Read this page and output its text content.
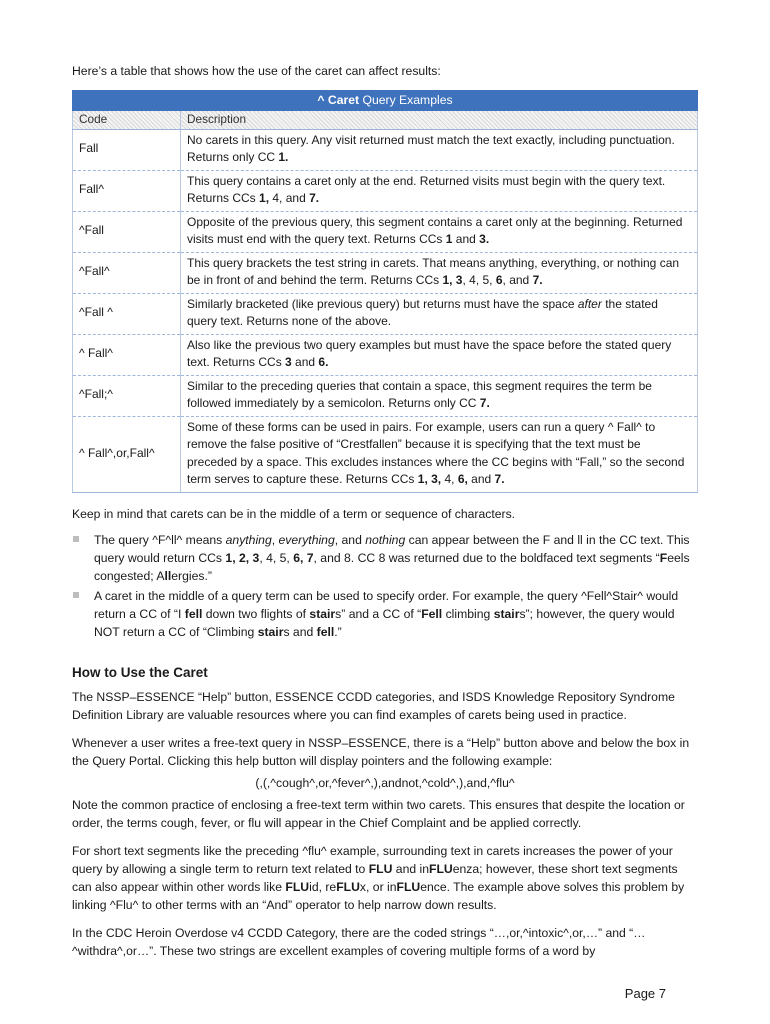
Here’s a table that shows how the use of the caret can affect results:

^ Caret Query Examples	
Code	Description
Fall	No carets in this query. Any visit returned must match the text exactly, including punctuation. Returns only CC 1.
Fall^	This query contains a caret only at the end. Returned visits must begin with the query text. Returns CCs 1, 4, and 7.
^Fall	Opposite of the previous query, this segment contains a caret only at the beginning. Returned visits must end with the query text. Returns CCs 1 and 3.
^Fall^	This query brackets the test string in carets. That means anything, everything, or nothing can be in front of and behind the term. Returns CCs 1, 3, 4, 5, 6, and 7.
^Fall ^	Similarly bracketed (like previous query) but returns must have the space after the stated query text. Returns none of the above.
^ Fall^	Also like the previous two query examples but must have the space before the stated query text. Returns CCs 3 and 6.
^Fall;^	Similar to the preceding queries that contain a space, this segment requires the term be followed immediately by a semicolon. Returns only CC 7.
^ Fall^,or,Fall^	Some of these forms can be used in pairs. For example, users can run a query ^ Fall^ to remove the false positive of “Crestfallen” because it is specifying that the text must be preceded by a space. This excludes instances where the CC begins with “Fall,” so the second term serves to capture these. Returns CCs 1, 3, 4, 6, and 7.

Keep in mind that carets can be in the middle of a term or sequence of characters.

The query ^F^ll^ means anything, everything, and nothing can appear between the F and ll in the CC text. This query would return CCs 1, 2, 3, 4, 5, 6, 7, and 8. CC 8 was returned due to the boldfaced text segments “Feels congested; Allergies.”
A caret in the middle of a query term can be used to specify order. For example, the query ^Fell^Stair^ would return a CC of “I fell down two flights of stairs” and a CC of “Fell climbing stairs”; however, the query would NOT return a CC of “Climbing stairs and fell.”
How to Use the Caret

The NSSP–ESSENCE “Help” button, ESSENCE CCDD categories, and ISDS Knowledge Repository Syndrome Definition Library are valuable resources where you can find examples of carets being used in practice.

Whenever a user writes a free-text query in NSSP–ESSENCE, there is a “Help” button above and below the box in the Query Portal. Clicking this help button will display pointers and the following example:

(,(,^cough^,or,^fever^,),andnot,^cold^,),and,^flu^

Note the common practice of enclosing a free-text term within two carets. This ensures that despite the location or order, the terms cough, fever, or flu will appear in the Chief Complaint and be applied correctly.

For short text segments like the preceding ^flu^ example, surrounding text in carets increases the power of your query by allowing a single term to return text related to FLU and inFLUenza; however, these short text segments can also appear within other words like FLUid, reFLUx, or inFLUence. The example above solves this problem by linking ^Flu^ to other terms with an “And” operator to help narrow down results.

In the CDC Heroin Overdose v4 CCDD Category, there are the coded strings “…,or,^intoxic^,or,…” and “…^withdra^,or…”. These two strings are excellent examples of covering multiple forms of a word by

Page 7
